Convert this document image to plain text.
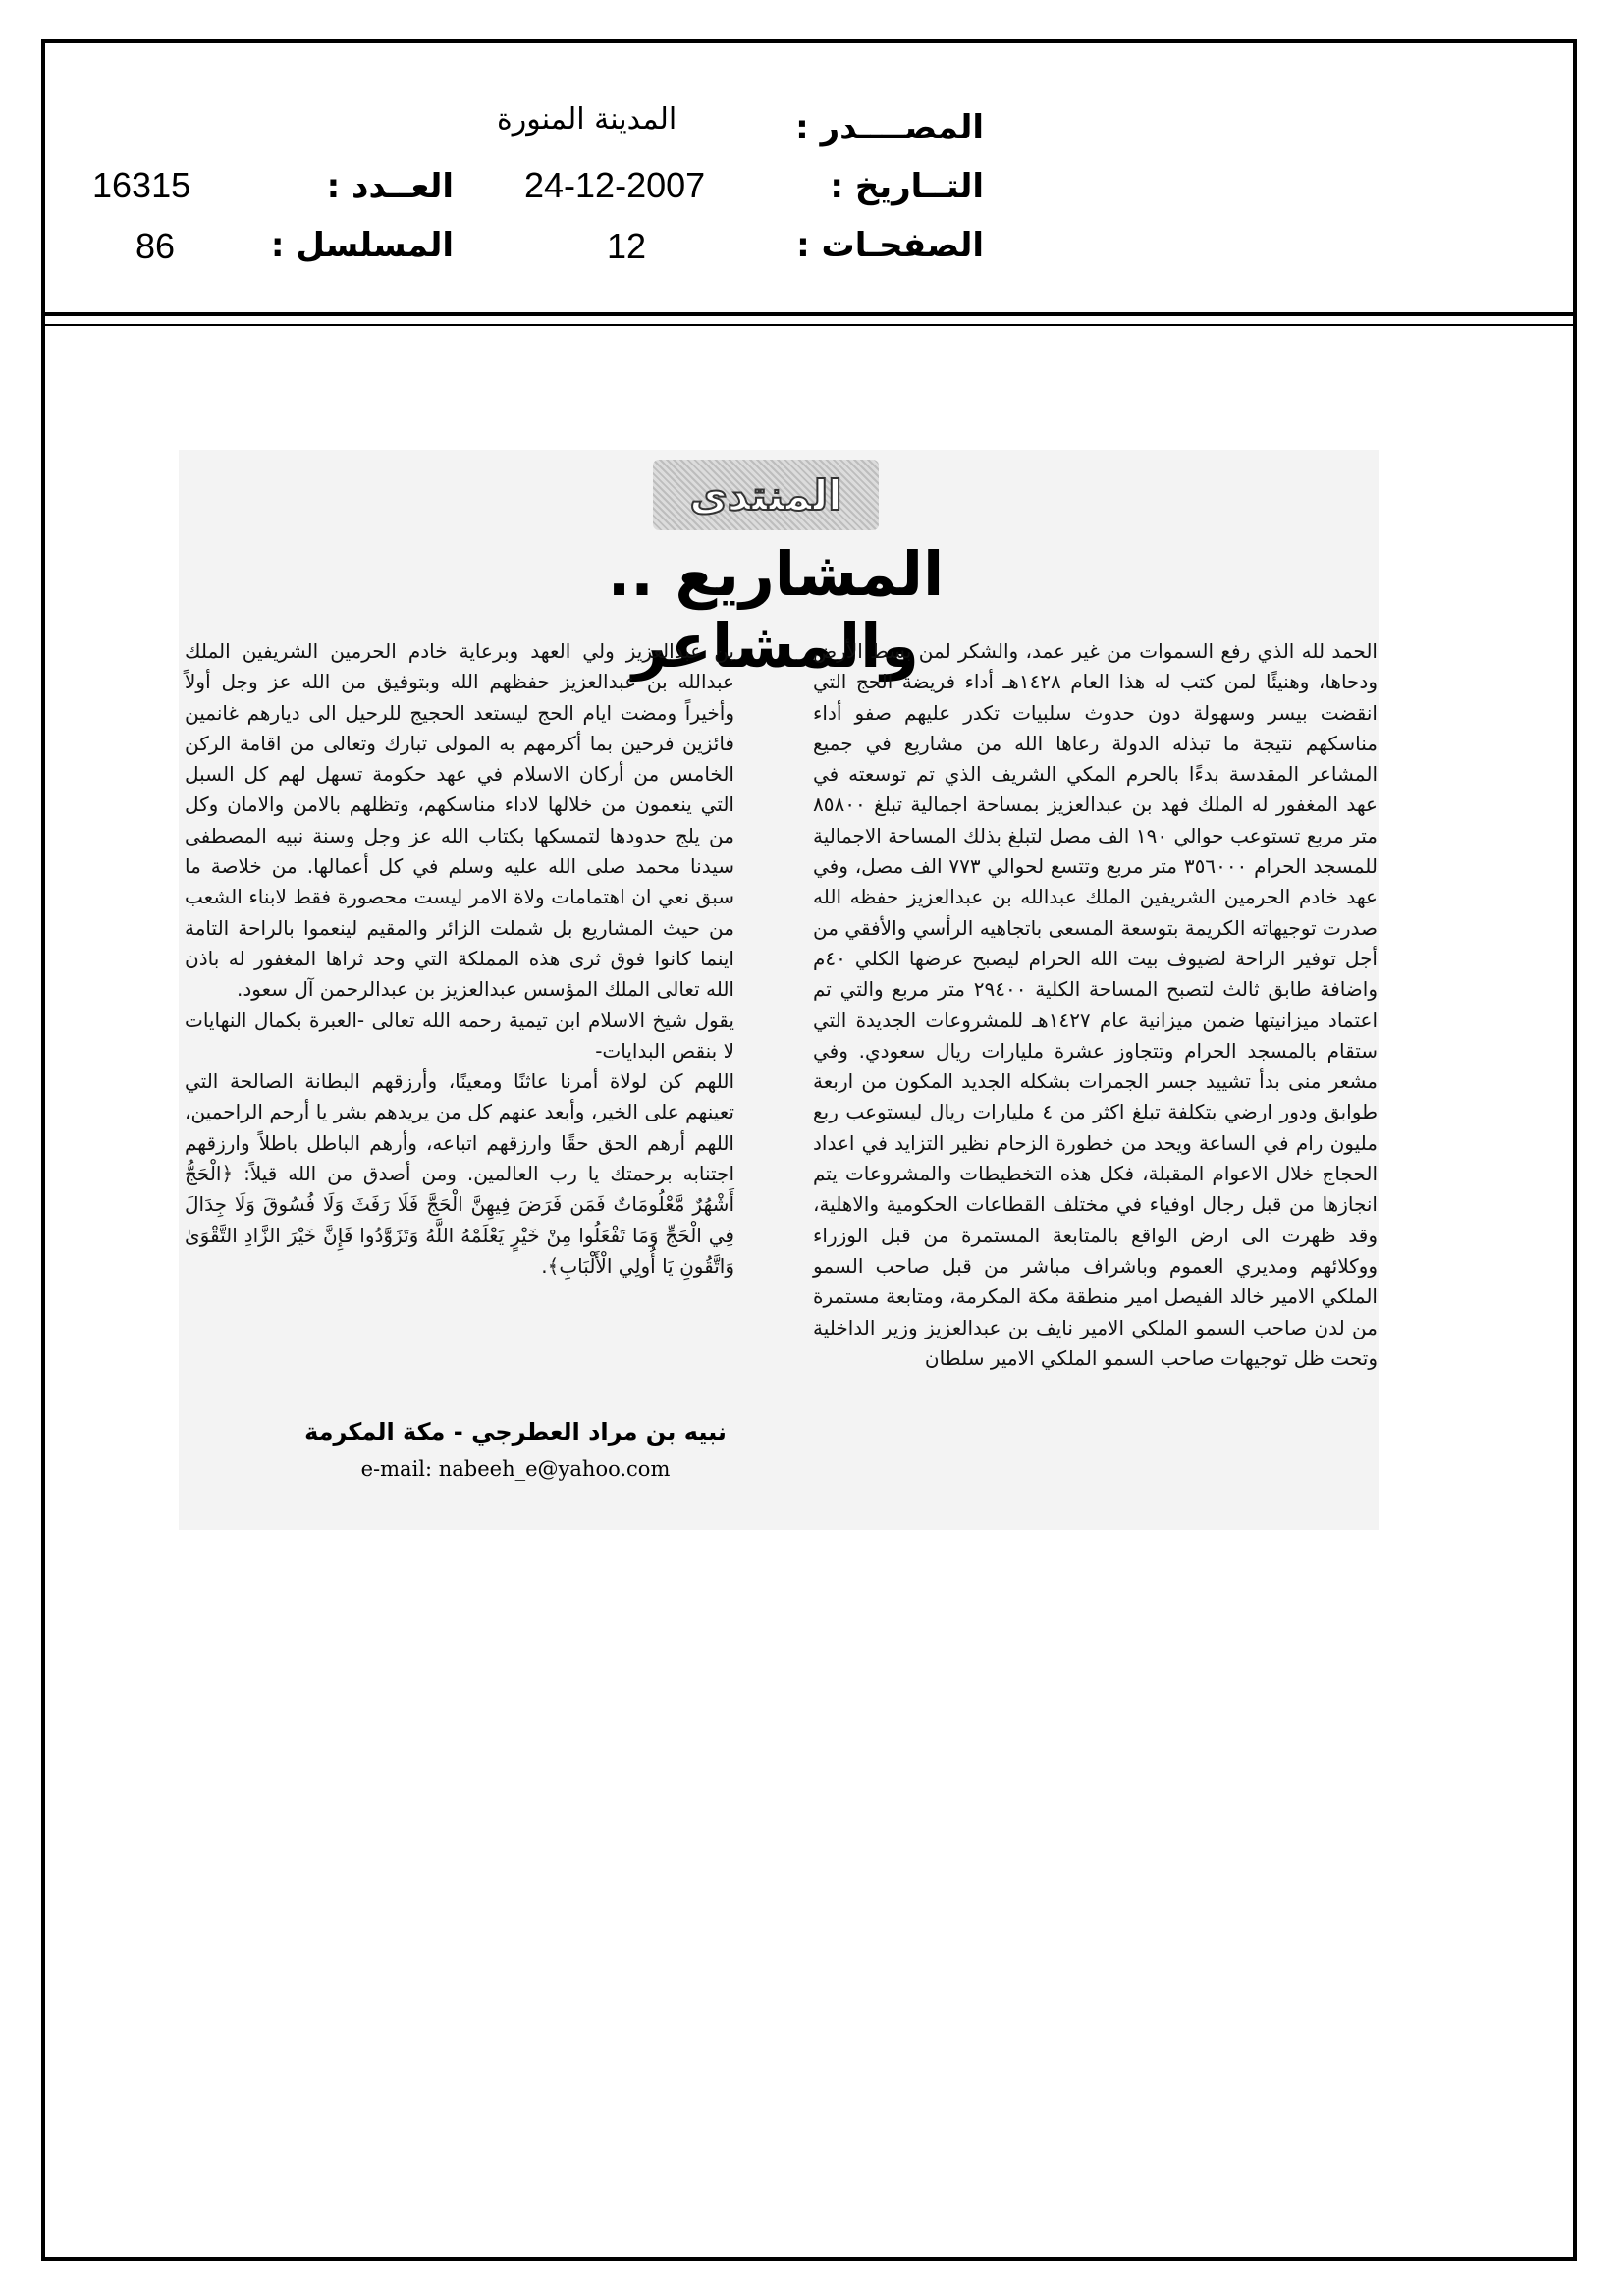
المصــــدر :
المدينة المنورة
التــاريخ :
24-12-2007
العــدد :
16315
الصفحـات :
12
المسلسل :
86
المنتدى
المشاريع .. والمشاعر

الحمد لله الذي رفع السموات من غير عمد، والشكر لمن بسط الأرض ودحاها، وهنيئًا لمن كتب له هذا العام ١٤٢٨هـ أداء فريضة الحج التي انقضت بيسر وسهولة دون حدوث سلبيات تكدر عليهم صفو أداء مناسكهم نتيجة ما تبذله الدولة رعاها الله من مشاريع في جميع المشاعر المقدسة بدءًا بالحرم المكي الشريف الذي تم توسعته في عهد المغفور له الملك فهد بن عبدالعزيز بمساحة اجمالية تبلغ ٨٥٨٠٠ متر مربع تستوعب حوالي ١٩٠ الف مصل لتبلغ بذلك المساحة الاجمالية للمسجد الحرام ٣٥٦٠٠٠ متر مربع وتتسع لحوالي ٧٧٣ الف مصل، وفي عهد خادم الحرمين الشريفين الملك عبدالله بن عبدالعزيز حفظه الله صدرت توجيهاته الكريمة بتوسعة المسعى باتجاهيه الرأسي والأفقي من أجل توفير الراحة لضيوف بيت الله الحرام ليصبح عرضها الكلي ٤٠م واضافة طابق ثالث لتصبح المساحة الكلية ٢٩٤٠٠ متر مربع والتي تم اعتماد ميزانيتها ضمن ميزانية عام ١٤٢٧هـ للمشروعات الجديدة التي ستقام بالمسجد الحرام وتتجاوز عشرة مليارات ريال سعودي. وفي مشعر منى بدأ تشييد جسر الجمرات بشكله الجديد المكون من اربعة طوابق ودور ارضي بتكلفة تبلغ اكثر من ٤ مليارات ريال ليستوعب ربع مليون رام في الساعة ويحد من خطورة الزحام نظير التزايد في اعداد الحجاج خلال الاعوام المقبلة، فكل هذه التخطيطات والمشروعات يتم انجازها من قبل رجال اوفياء في مختلف القطاعات الحكومية والاهلية، وقد ظهرت الى ارض الواقع بالمتابعة المستمرة من قبل الوزراء ووكلائهم ومديري العموم وباشراف مباشر من قبل صاحب السمو الملكي الامير خالد الفيصل امير منطقة مكة المكرمة، ومتابعة مستمرة من لدن صاحب السمو الملكي الامير نايف بن عبدالعزيز وزير الداخلية وتحت ظل توجيهات صاحب السمو الملكي الامير سلطان

بن عبدالعزيز ولي العهد وبرعاية خادم الحرمين الشريفين الملك عبدالله بن عبدالعزيز حفظهم الله وبتوفيق من الله عز وجل أولاً وأخيراً ومضت ايام الحج ليستعد الحجيج للرحيل الى ديارهم غانمين فائزين فرحين بما أكرمهم به المولى تبارك وتعالى من اقامة الركن الخامس من أركان الاسلام في عهد حكومة تسهل لهم كل السبل التي ينعمون من خلالها لاداء مناسكهم، وتظلهم بالامن والامان وكل من يلج حدودها لتمسكها بكتاب الله عز وجل وسنة نبيه المصطفى سيدنا محمد صلى الله عليه وسلم في كل أعمالها. من خلاصة ما سبق نعي ان اهتمامات ولاة الامر ليست محصورة فقط لابناء الشعب من حيث المشاريع بل شملت الزائر والمقيم لينعموا بالراحة التامة اينما كانوا فوق ثرى هذه المملكة التي وحد ثراها المغفور له باذن الله تعالى الملك المؤسس عبدالعزيز بن عبدالرحمن آل سعود.

يقول شيخ الاسلام ابن تيمية رحمه الله تعالى -العبرة بكمال النهايات لا بنقص البدايات-

اللهم كن لولاة أمرنا عاثنًا ومعينًا، وأرزقهم البطانة الصالحة التي تعينهم على الخير، وأبعد عنهم كل من يريدهم بشر يا أرحم الراحمين، اللهم أرهم الحق حقًا وارزقهم اتباعه، وأرهم الباطل باطلاً وارزقهم اجتنابه برحمتك يا رب العالمين. ومن أصدق من الله قيلاً: ﴿الْحَجُّ أَشْهُرٌ مَّعْلُومَاتٌ فَمَن فَرَضَ فِيهِنَّ الْحَجَّ فَلَا رَفَثَ وَلَا فُسُوقَ وَلَا جِدَالَ فِي الْحَجِّ وَمَا تَفْعَلُوا مِنْ خَيْرٍ يَعْلَمْهُ اللَّهُ وَتَزَوَّدُوا فَإِنَّ خَيْرَ الزَّادِ التَّقْوَىٰ وَاتَّقُونِ يَا أُولِي الْأَلْبَابِ﴾.

نبيه بن مراد العطرجي - مكة المكرمة
e-mail: nabeeh_e@yahoo.com
